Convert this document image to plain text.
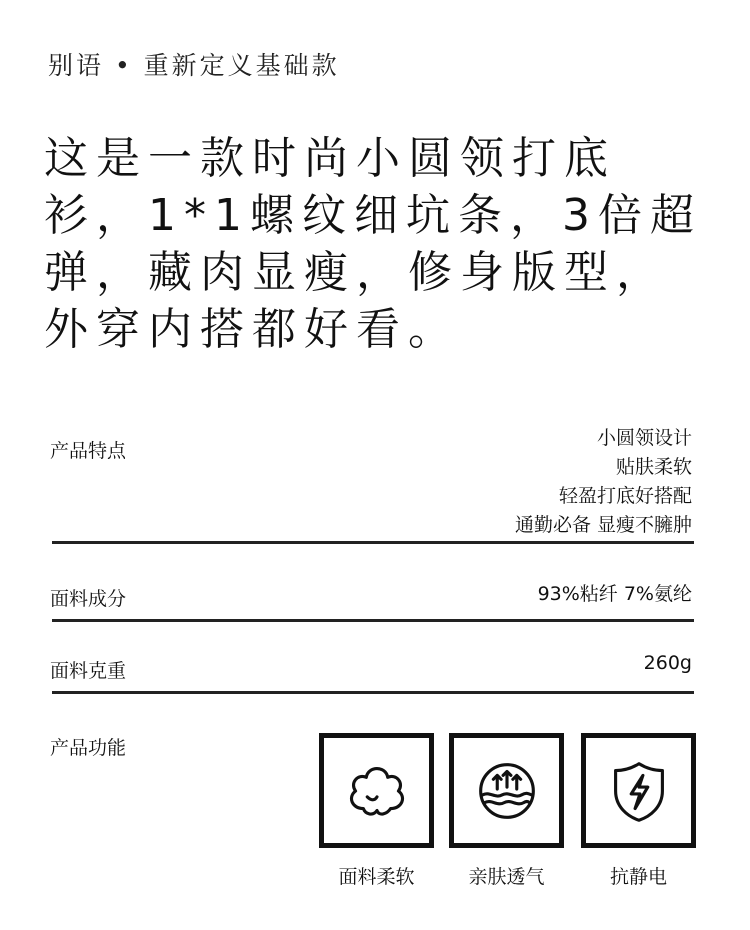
别语 • 重新定义基础款
这是一款时尚小圆领打底衫，1*1螺纹细坑条，3倍超弹，藏肉显瘦，修身版型，外穿内搭都好看。
产品特点
小圆领设计
贴肤柔软
轻盈打底好搭配
通勤必备 显瘦不臃肿
面料成分	93%粘纤 7%氨纶
面料克重	260g
产品功能
面料柔软	亲肤透气	抗静电
